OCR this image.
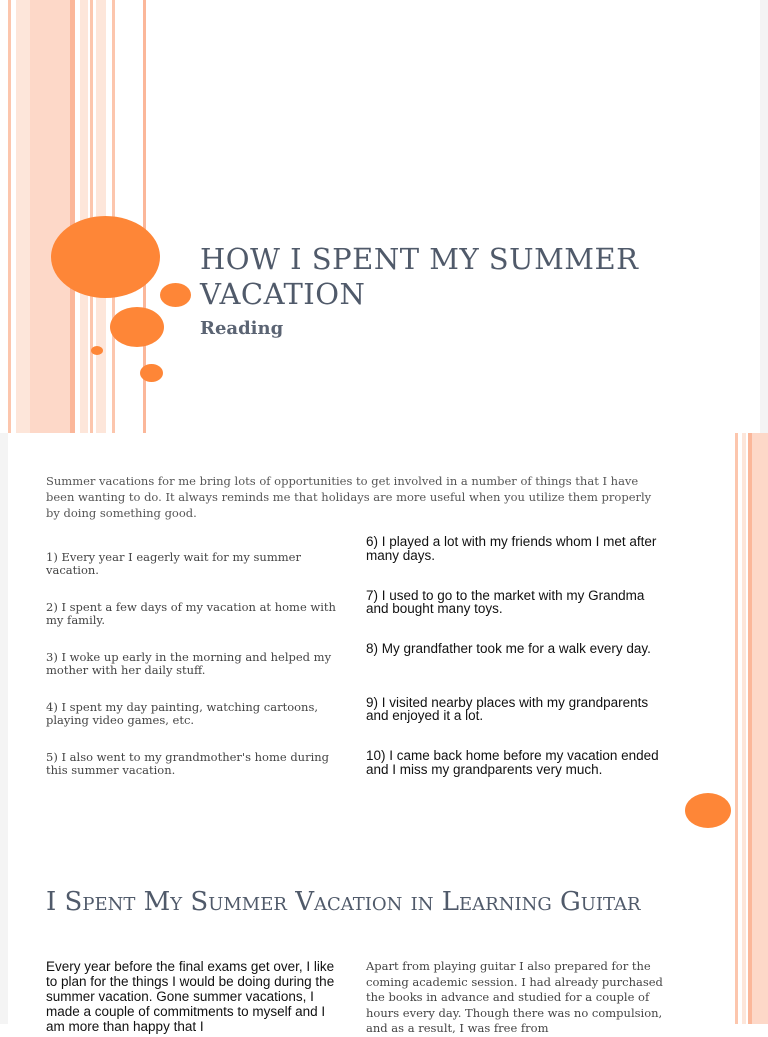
HOW I SPENT MY SUMMER VACATION
Reading
Summer vacations for me bring lots of opportunities to get involved in a number of things that I have been wanting to do. It always reminds me that holidays are more useful when you utilize them properly by doing something good.
1) Every year I eagerly wait for my summer vacation.
2) I spent a few days of my vacation at home with my family.
3) I woke up early in the morning and helped my mother with her daily stuff.
4) I spent my day painting, watching cartoons, playing video games, etc.
5) I also went to my grandmother's home during this summer vacation.
6) I played a lot with my friends whom I met after many days.
7) I used to go to the market with my Grandma and bought many toys.
8) My grandfather took me for a walk every day.
9) I visited nearby places with my grandparents and enjoyed it a lot.
10) I came back home before my vacation ended and I miss my grandparents very much.
I Spent My Summer Vacation in Learning Guitar
Every year before the final exams get over, I like to plan for the things I would be doing during the summer vacation. Gone summer vacations, I made a couple of commitments to myself and I am more than happy that I
Apart from playing guitar I also prepared for the coming academic session. I had already purchased the books in advance and studied for a couple of hours every day. Though there was no compulsion, and as a result, I was free from
